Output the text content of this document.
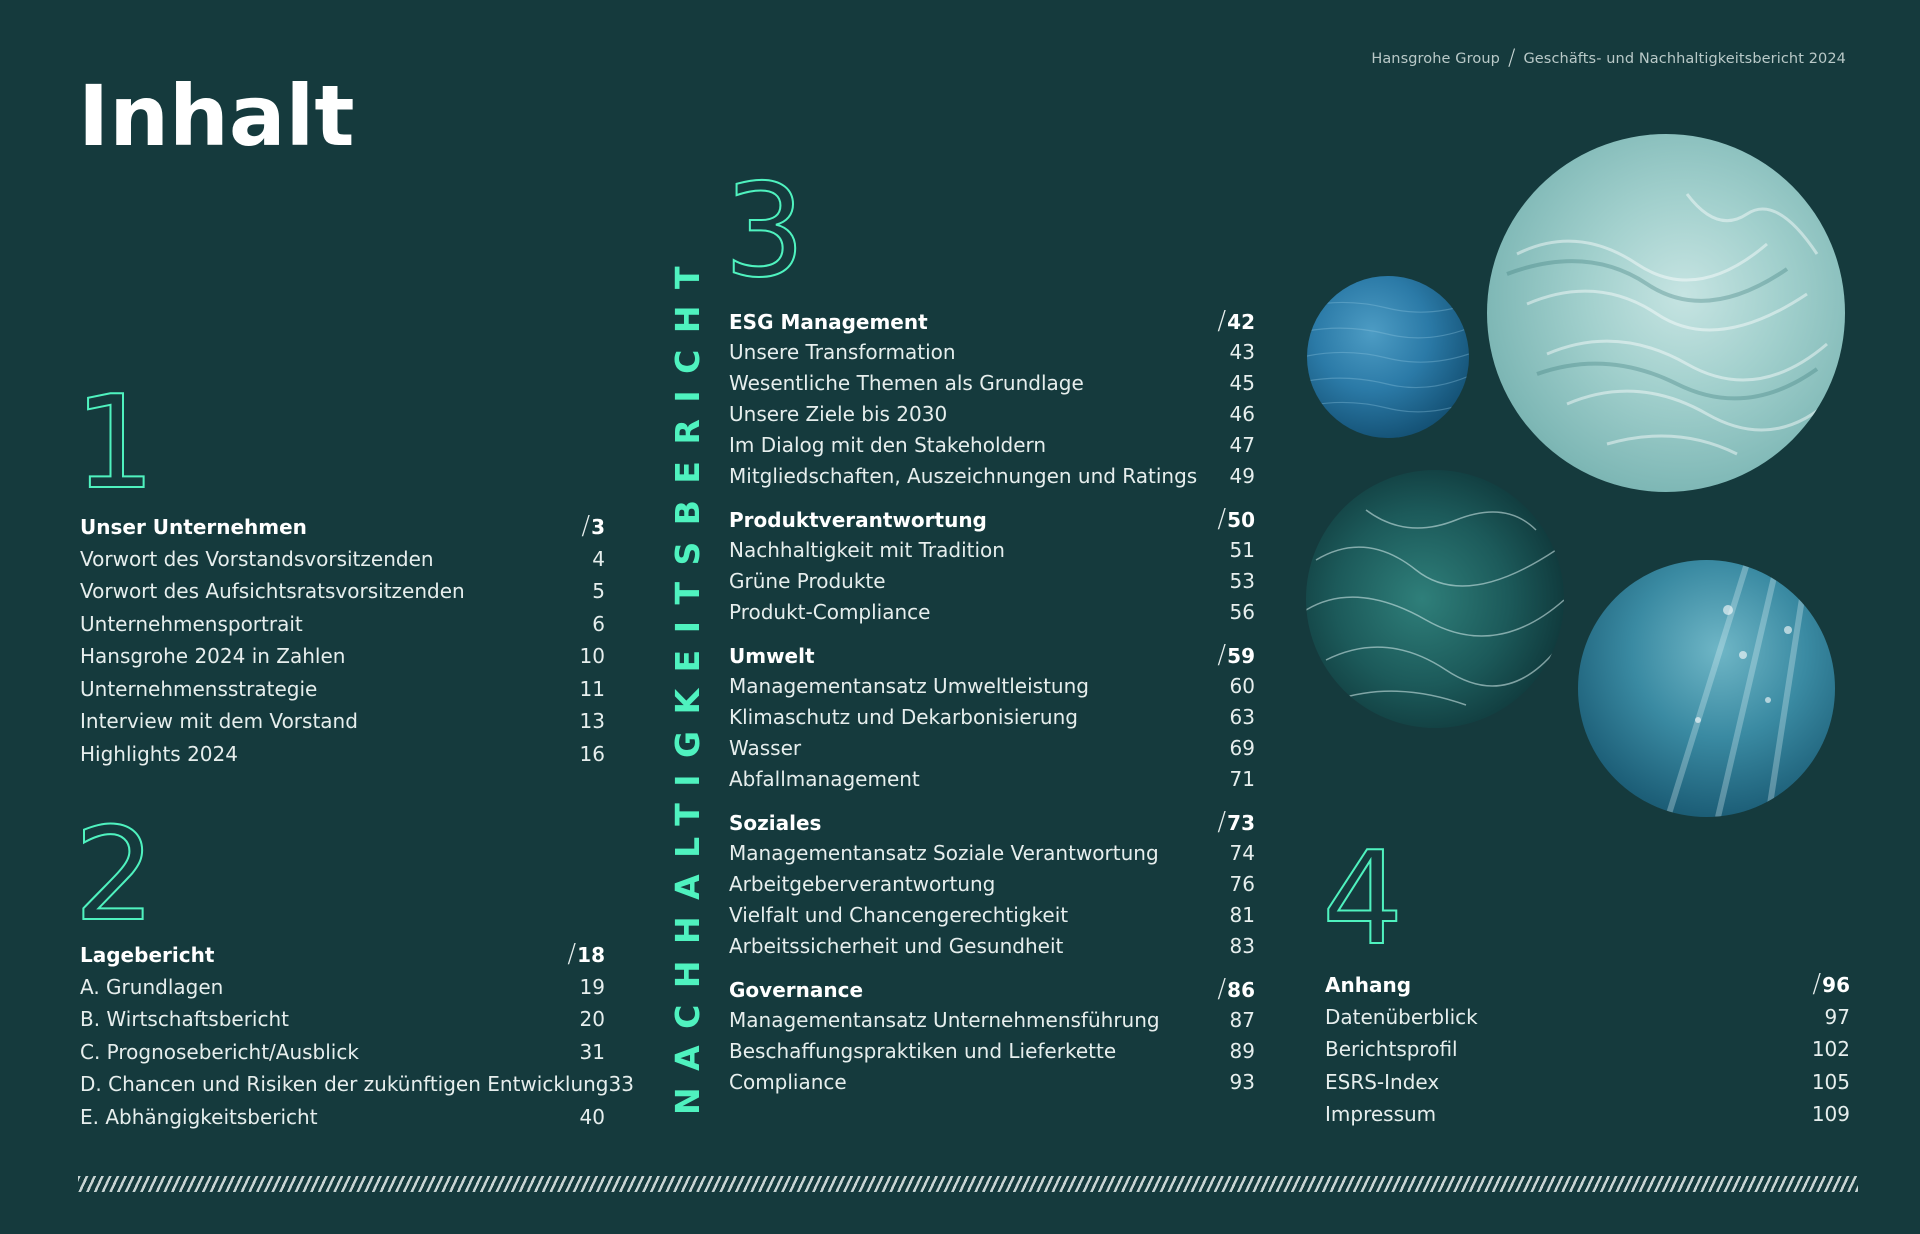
Hansgrohe Group / Geschäfts- und Nachhaltigkeitsbericht 2024
Inhalt
1
Unser Unternehmen	/ 3
Vorwort des Vorstandsvorsitzenden	4
Vorwort des Aufsichtsratsvorsitzenden	5
Unternehmensportrait	6
Hansgrohe 2024 in Zahlen	10
Unternehmensstrategie	11
Interview mit dem Vorstand	13
Highlights 2024	16
2
Lagebericht	/ 18
A. Grundlagen	19
B. Wirtschaftsbericht	20
C. Prognosebericht/Ausblick	31
D. Chancen und Risiken der zukünftigen Entwicklung 33
E. Abhängigkeitsbericht	40
NACHHALTIGKEITSBERICHT
3
ESG Management	/ 42
Unsere Transformation	43
Wesentliche Themen als Grundlage	45
Unsere Ziele bis 2030	46
Im Dialog mit den Stakeholdern	47
Mitgliedschaften, Auszeichnungen und Ratings 49
Produktverantwortung	/ 50
Nachhaltigkeit mit Tradition	51
Grüne Produkte	53
Produkt-Compliance	56
Umwelt	/ 59
Managementansatz Umweltleistung	60
Klimaschutz und Dekarbonisierung	63
Wasser	69
Abfallmanagement	71
Soziales	/ 73
Managementansatz Soziale Verantwortung	74
Arbeitgeberverantwortung	76
Vielfalt und Chancengerechtigkeit	81
Arbeitssicherheit und Gesundheit	83
Governance	/ 86
Managementansatz Unternehmensführung	87
Beschaffungspraktiken und Lieferkette	89
Compliance	93
4
Anhang	/ 96
Datenüberblick	97
Berichtsprofil	102
ESRS-Index	105
Impressum	109
